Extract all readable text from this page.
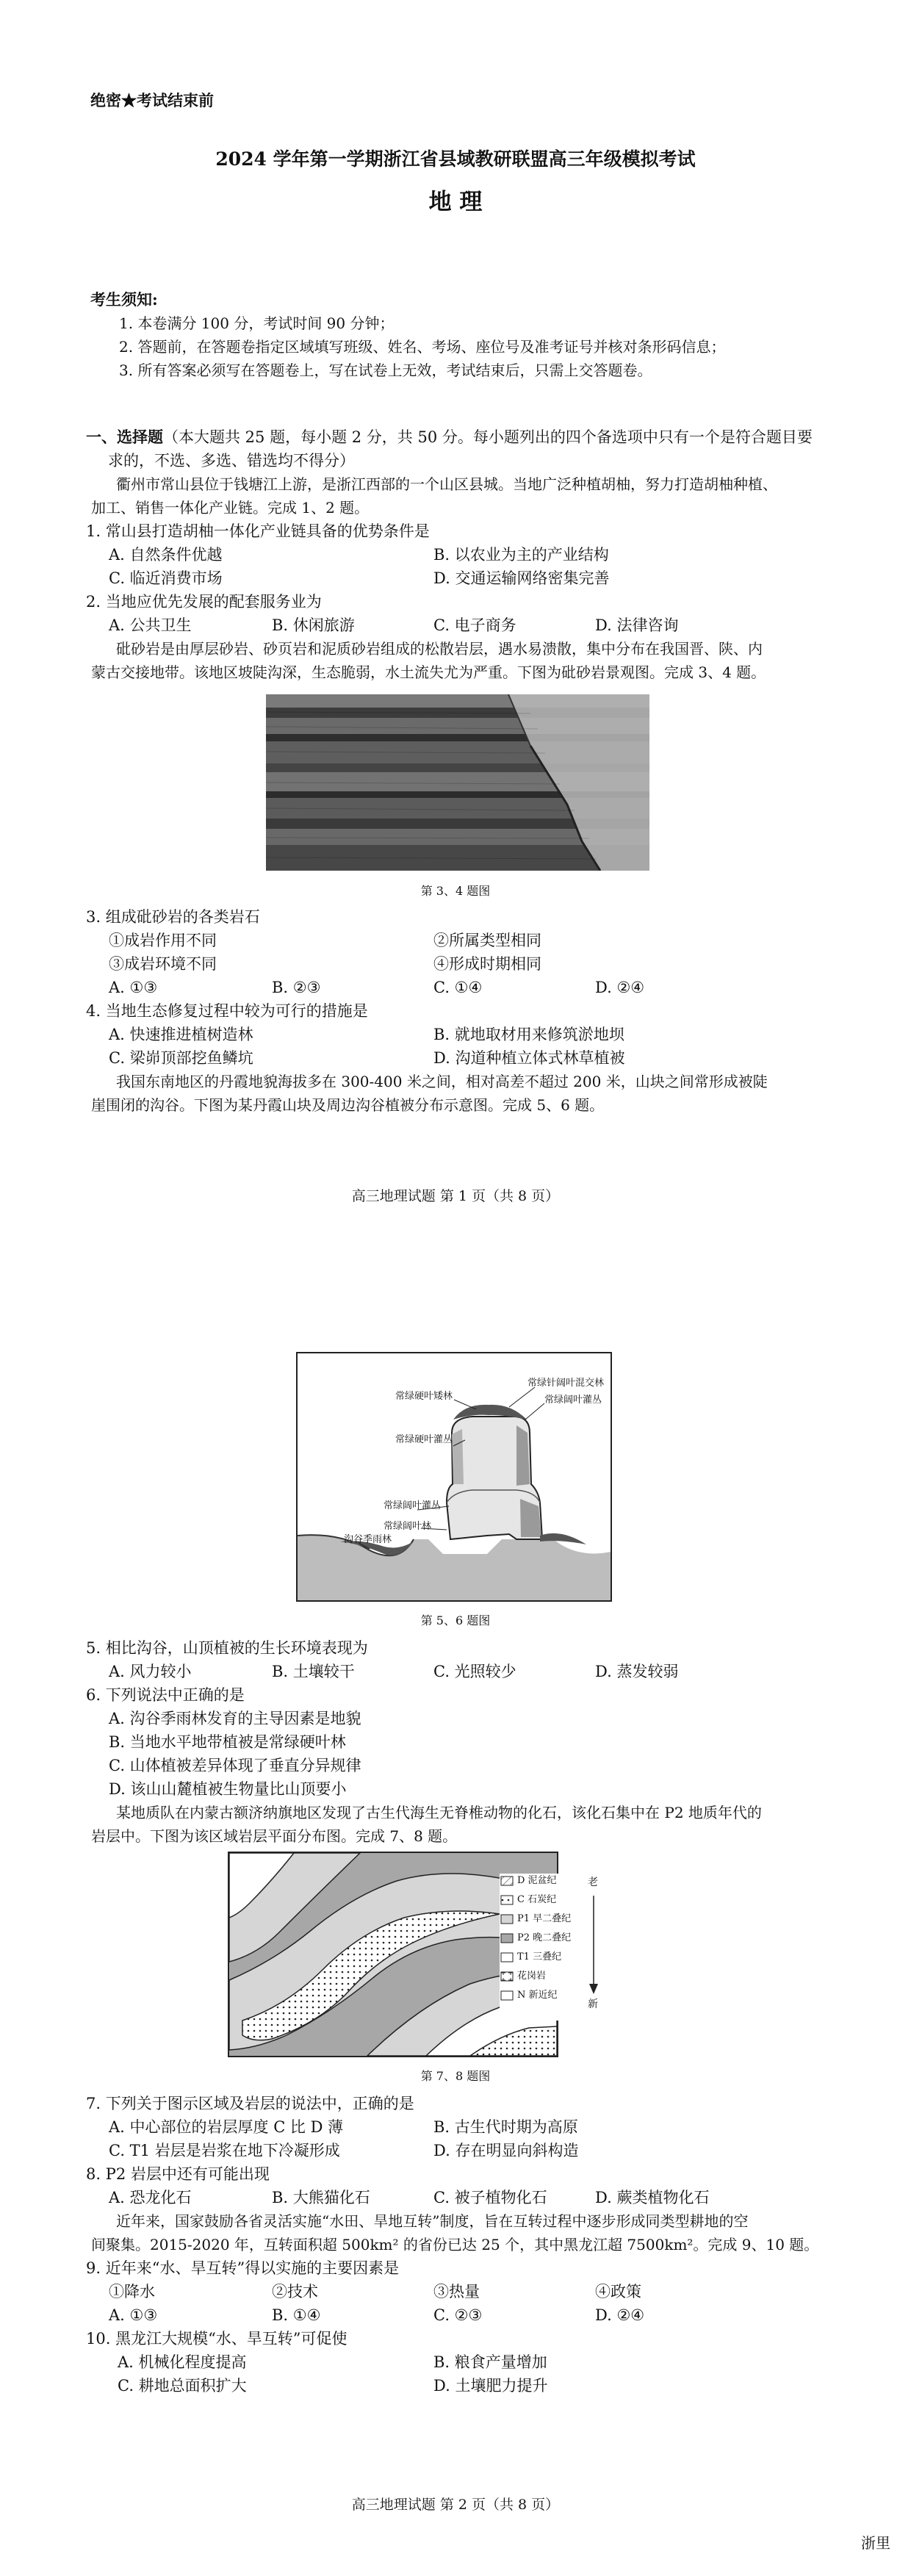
绝密★考试结束前
2024 学年第一学期浙江省县域教研联盟高三年级模拟考试
地 理
考生须知:
1. 本卷满分 100 分，考试时间 90 分钟；
2. 答题前，在答题卷指定区域填写班级、姓名、考场、座位号及准考证号并核对条形码信息；
3. 所有答案必须写在答题卷上，写在试卷上无效，考试结束后，只需上交答题卷。
一、选择题（本大题共 25 题，每小题 2 分，共 50 分。每小题列出的四个备选项中只有一个是符合题目要
求的，不选、多选、错选均不得分）
衢州市常山县位于钱塘江上游，是浙江西部的一个山区县城。当地广泛种植胡柚，努力打造胡柚种植、
加工、销售一体化产业链。完成 1、2 题。
1. 常山县打造胡柚一体化产业链具备的优势条件是
A. 自然条件优越	B. 以农业为主的产业结构
C. 临近消费市场	D. 交通运输网络密集完善
2. 当地应优先发展的配套服务业为
A. 公共卫生	B. 休闲旅游	C. 电子商务	D. 法律咨询
砒砂岩是由厚层砂岩、砂页岩和泥质砂岩组成的松散岩层，遇水易溃散，集中分布在我国晋、陕、内
蒙古交接地带。该地区坡陡沟深，生态脆弱，水土流失尤为严重。下图为砒砂岩景观图。完成 3、4 题。
第 3、4 题图
3. 组成砒砂岩的各类岩石
①成岩作用不同	②所属类型相同
③成岩环境不同	④形成时期相同
A. ①③	B. ②③	C. ①④	D. ②④
4. 当地生态修复过程中较为可行的措施是
A. 快速推进植树造林	B. 就地取材用来修筑淤地坝
C. 梁峁顶部挖鱼鳞坑	D. 沟道种植立体式林草植被
我国东南地区的丹霞地貌海拔多在 300-400 米之间，相对高差不超过 200 米，山块之间常形成被陡
崖围闭的沟谷。下图为某丹霞山块及周边沟谷植被分布示意图。完成 5、6 题。
高三地理试题 第 1 页（共 8 页）
常绿针阔叶混交林
常绿硬叶矮林	常绿阔叶灌丛
常绿硬叶灌丛
常绿阔叶灌丛
常绿阔叶林
沟谷季雨林
第 5、6 题图
5. 相比沟谷，山顶植被的生长环境表现为
A. 风力较小	B. 土壤较干	C. 光照较少	D. 蒸发较弱
6. 下列说法中正确的是
A. 沟谷季雨林发育的主导因素是地貌
B. 当地水平地带植被是常绿硬叶林
C. 山体植被差异体现了垂直分异规律
D. 该山山麓植被生物量比山顶要小
某地质队在内蒙古额济纳旗地区发现了古生代海生无脊椎动物的化石，该化石集中在 P2 地质年代的
岩层中。下图为该区域岩层平面分布图。完成 7、8 题。
D 泥盆纪
C 石炭纪
P1 早二叠纪
P2 晚二叠纪
T1 三叠纪
花岗岩
N 新近纪
老
新
第 7、8 题图
7. 下列关于图示区域及岩层的说法中，正确的是
A. 中心部位的岩层厚度 C 比 D 薄	B. 古生代时期为高原
C. T1 岩层是岩浆在地下冷凝形成	D. 存在明显向斜构造
8. P2 岩层中还有可能出现
A. 恐龙化石	B. 大熊猫化石	C. 被子植物化石	D. 蕨类植物化石
近年来，国家鼓励各省灵活实施“水田、旱地互转”制度，旨在互转过程中逐步形成同类型耕地的空
间聚集。2015-2020 年，互转面积超 500km² 的省份已达 25 个，其中黑龙江超 7500km²。完成 9、10 题。
9. 近年来“水、旱互转”得以实施的主要因素是
①降水	②技术	③热量	④政策
A. ①③	B. ①④	C. ②③	D. ②④
10. 黑龙江大规模“水、旱互转”可促使
A. 机械化程度提高	B. 粮食产量增加
C. 耕地总面积扩大	D. 土壤肥力提升
高三地理试题 第 2 页（共 8 页）
浙里
